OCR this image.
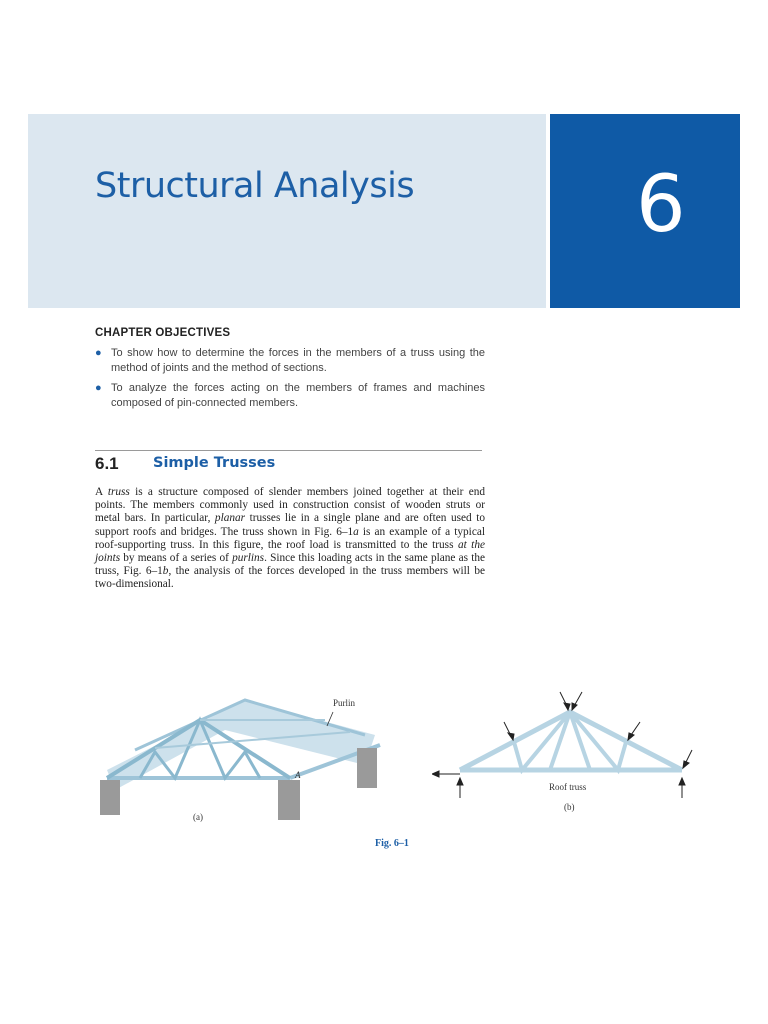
Structural Analysis	6
CHAPTER OBJECTIVES
● To show how to determine the forces in the members of a truss using the method of joints and the method of sections.
● To analyze the forces acting on the members of frames and machines composed of pin-connected members.
6.1 Simple Trusses
A truss is a structure composed of slender members joined together at their end points. The members commonly used in construction consist of wooden struts or metal bars. In particular, planar trusses lie in a single plane and are often used to support roofs and bridges. The truss shown in Fig. 6–1a is an example of a typical roof-supporting truss. In this figure, the roof load is transmitted to the truss at the joints by means of a series of purlins. Since this loading acts in the same plane as the truss, Fig. 6–1b, the analysis of the forces developed in the truss members will be two-dimensional.
Purlin
A
(a)
Roof truss
(b)
Fig. 6–1
